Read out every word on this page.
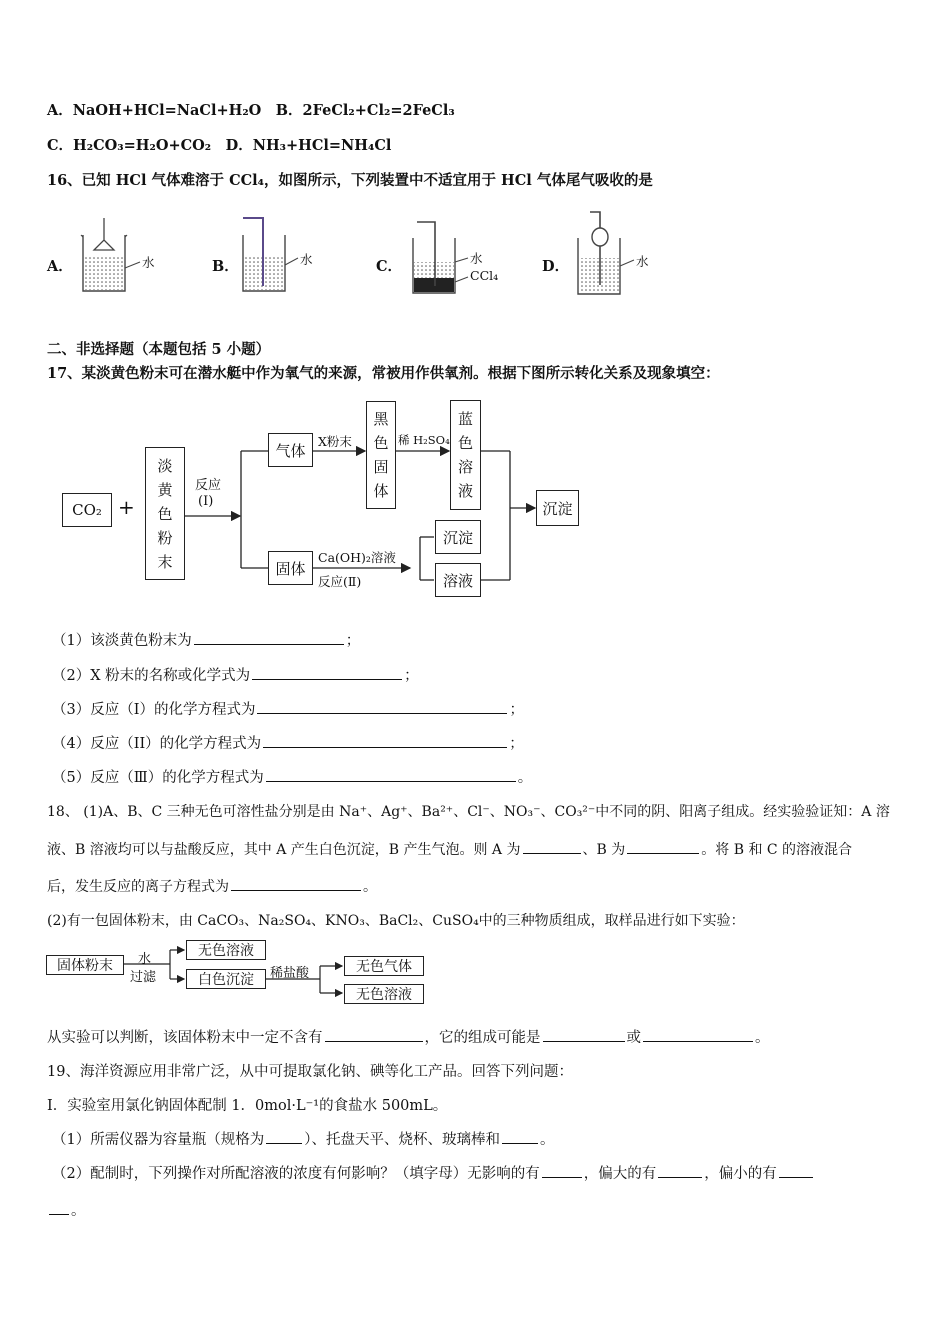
A．NaOH+HCl=NaCl+H₂O　B．2FeCl₂+Cl₂=2FeCl₃
C．H₂CO₃=H₂O+CO₂　D．NH₃+HCl=NH₄Cl
16、已知 HCl 气体难溶于 CCl₄，如图所示，下列装置中不适宜用于 HCl 气体尾气吸收的是
A．	水	B．	水	C．	水
CCl₄
D．	水
二、非选择题（本题包括 5 小题）
17、某淡黄色粉末可在潜水艇中作为氧气的来源，常被用作供氧剂。根据下图所示转化关系及现象填空：
CO₂ +
淡
黄
色
粉
末
反应
(Ⅰ)
气体	X粉末
黑
色
固
体
稀 H₂SO₄
蓝
色
溶
液
沉淀
固体
Ca(OH)₂溶液
反应(Ⅱ)
沉淀
溶液
（1）该淡黄色粉末为	；
（2）X 粉末的名称或化学式为	；
（3）反应（I）的化学方程式为	；
（4）反应（II）的化学方程式为	；
（5）反应（Ⅲ）的化学方程式为	。
18、 (1)A、B、C 三种无色可溶性盐分别是由 Na⁺、Ag⁺、Ba²⁺、Cl⁻、NO₃⁻、CO₃²⁻中不同的阴、阳离子组成。经实验验证知：A 溶
液、B 溶液均可以与盐酸反应，其中 A 产生白色沉淀，B 产生气泡。则 A 为	、B 为	。将 B 和 C 的溶液混合
后，发生反应的离子方程式为	。
(2)有一包固体粉末，由 CaCO₃、Na₂SO₄、KNO₃、BaCl₂、CuSO₄中的三种物质组成，取样品进行如下实验：
固体粉末	水
过滤
无色溶液
白色沉淀	稀盐酸	无色气体
无色溶液
从实验可以判断，该固体粉末中一定不含有	，它的组成可能是	或	。
19、海洋资源应用非常广泛，从中可提取氯化钠、碘等化工产品。回答下列问题：
I．实验室用氯化钠固体配制 1．0mol·L⁻¹的食盐水 500mL。
（1）所需仪器为容量瓶（规格为	）、托盘天平、烧杯、玻璃棒和	。
（2）配制时，下列操作对所配溶液的浓度有何影响？（填字母）无影响的有	，偏大的有	，偏小的有
。
